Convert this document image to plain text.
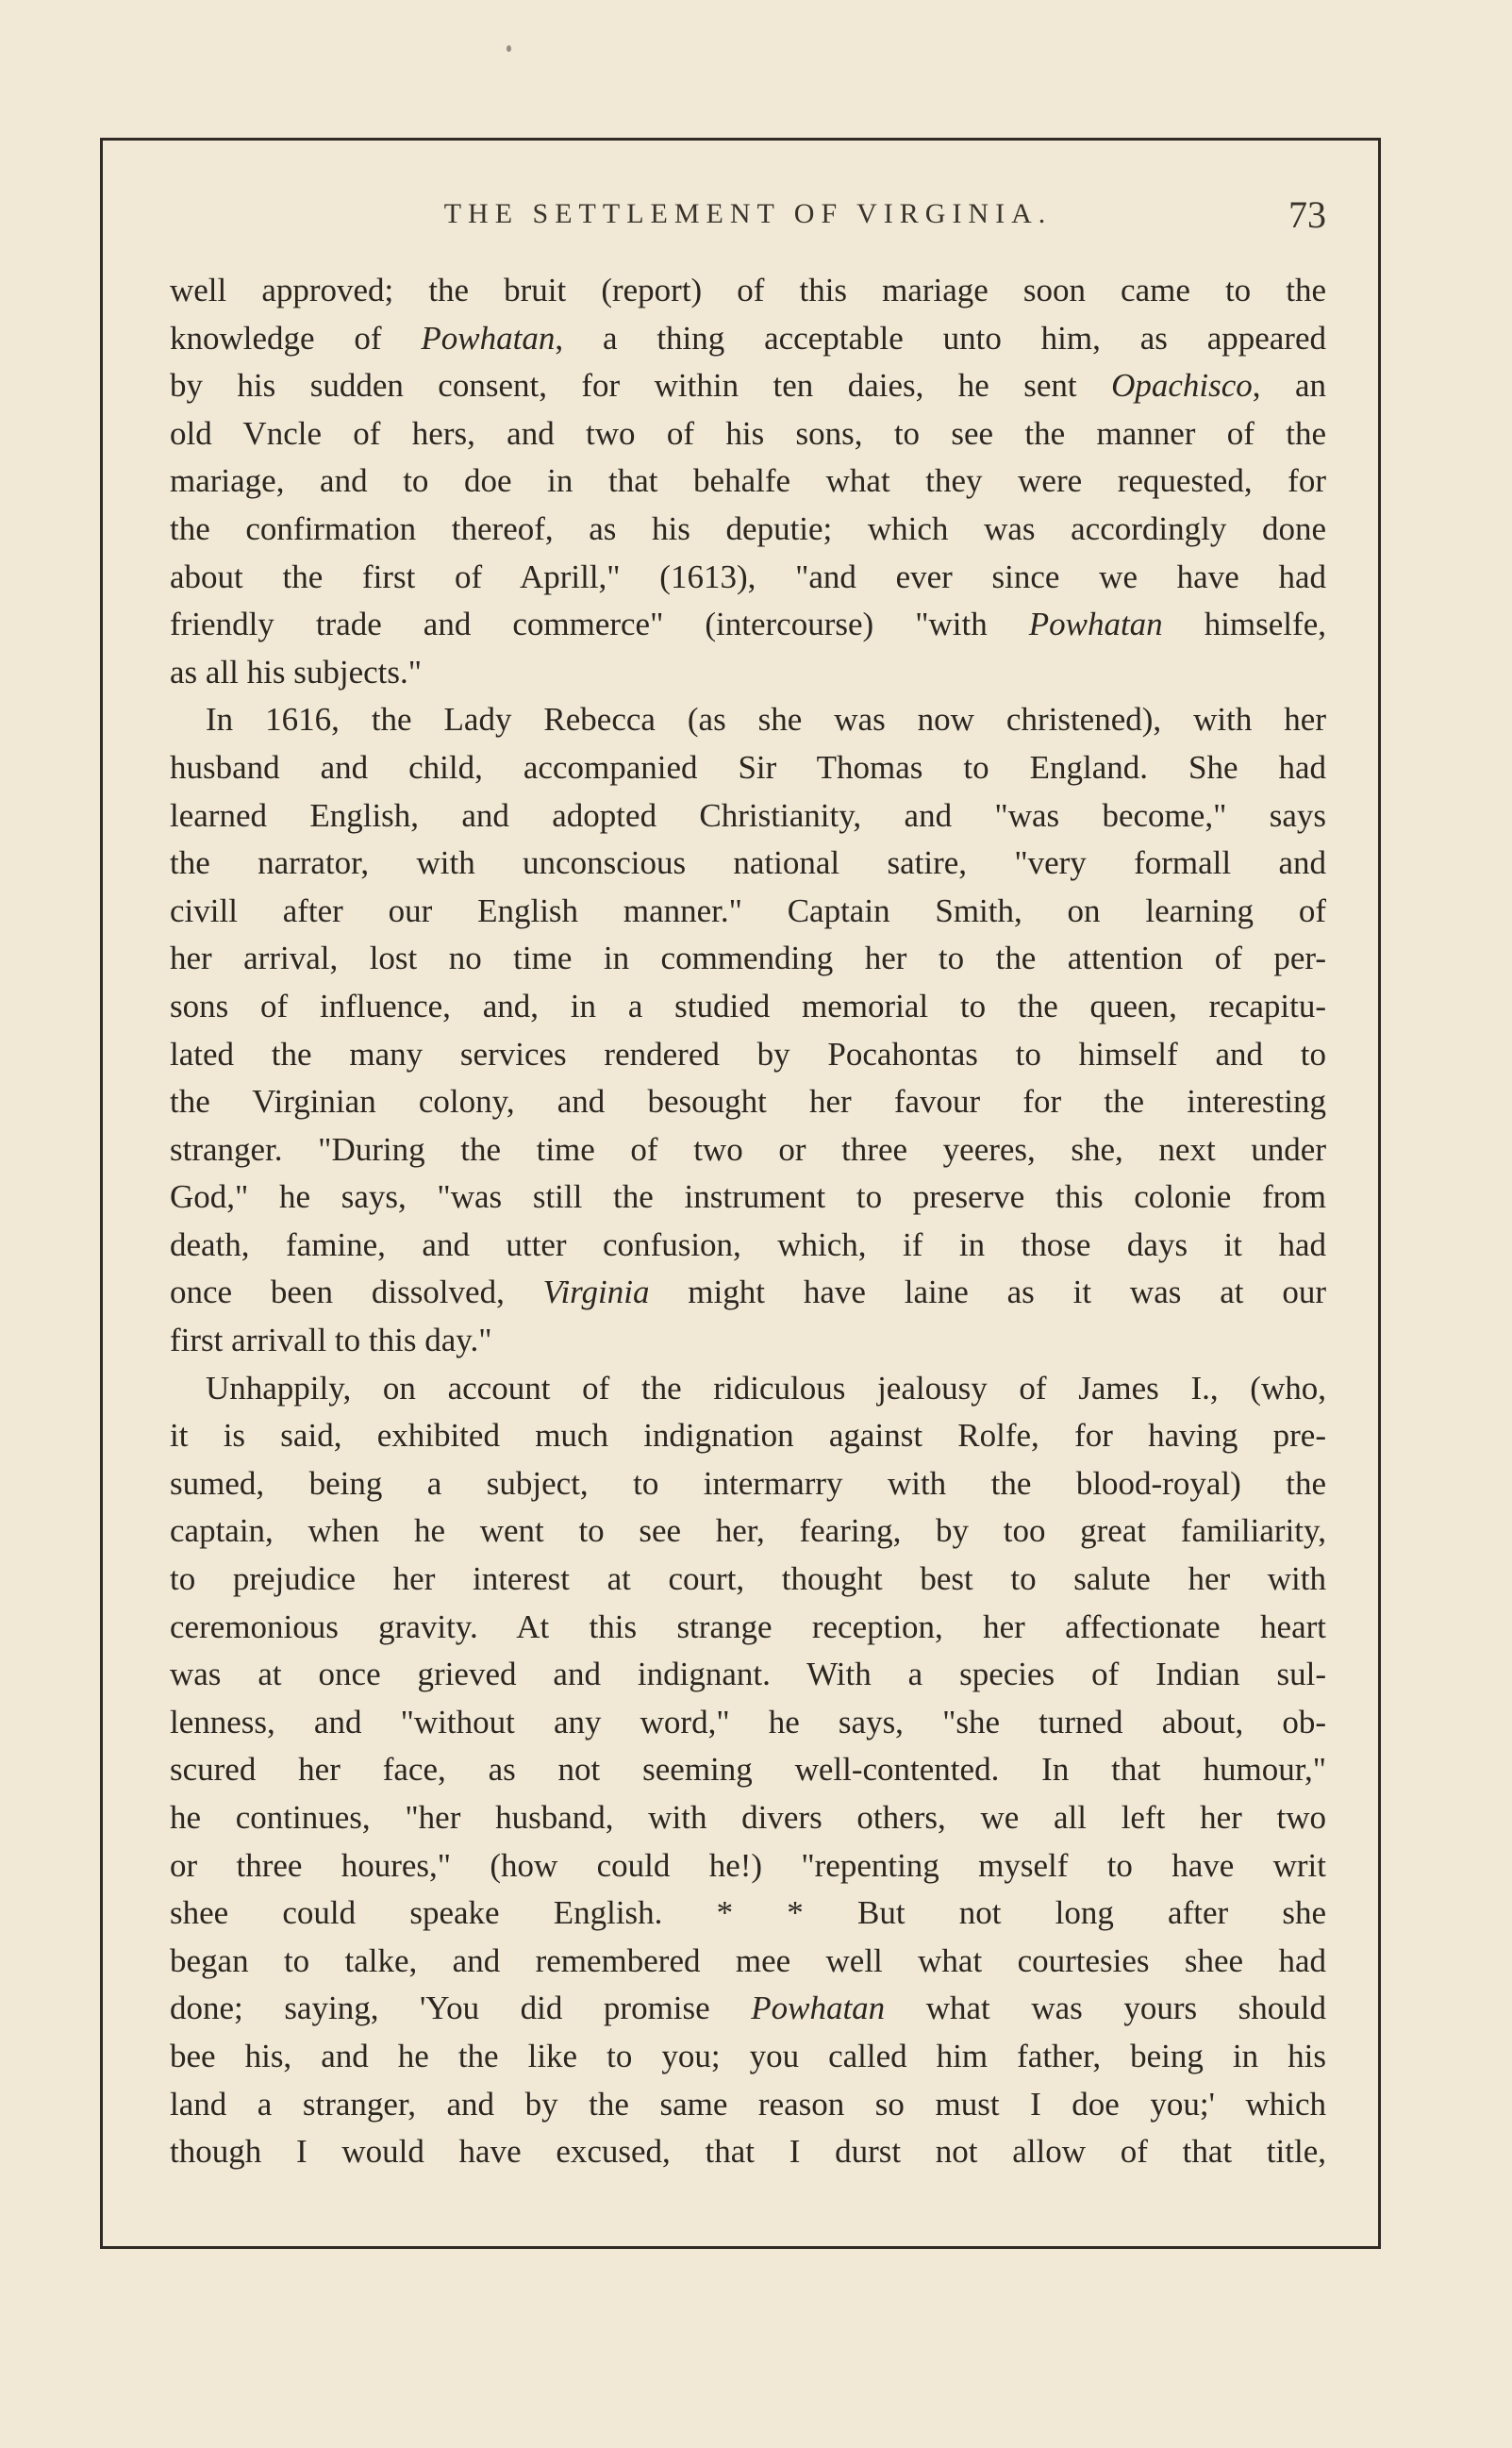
THE SETTLEMENT OF VIRGINIA.	73
well approved; the bruit (report) of this mariage soon came to the
knowledge of Powhatan, a thing acceptable unto him, as appeared
by his sudden consent, for within ten daies, he sent Opachisco, an
old Vncle of hers, and two of his sons, to see the manner of the
mariage, and to doe in that behalfe what they were requested, for
the confirmation thereof, as his deputie; which was accordingly done
about the first of Aprill," (1613), "and ever since we have had
friendly trade and commerce" (intercourse) "with Powhatan himselfe,
as all his subjects."
In 1616, the Lady Rebecca (as she was now christened), with her
husband and child, accompanied Sir Thomas to England. She had
learned English, and adopted Christianity, and "was become," says
the narrator, with unconscious national satire, "very formall and
civill after our English manner." Captain Smith, on learning of
her arrival, lost no time in commending her to the attention of per-
sons of influence, and, in a studied memorial to the queen, recapitu-
lated the many services rendered by Pocahontas to himself and to
the Virginian colony, and besought her favour for the interesting
stranger. "During the time of two or three yeeres, she, next under
God," he says, "was still the instrument to preserve this colonie from
death, famine, and utter confusion, which, if in those days it had
once been dissolved, Virginia might have laine as it was at our
first arrivall to this day."
Unhappily, on account of the ridiculous jealousy of James I., (who,
it is said, exhibited much indignation against Rolfe, for having pre-
sumed, being a subject, to intermarry with the blood-royal) the
captain, when he went to see her, fearing, by too great familiarity,
to prejudice her interest at court, thought best to salute her with
ceremonious gravity. At this strange reception, her affectionate heart
was at once grieved and indignant. With a species of Indian sul-
lenness, and "without any word," he says, "she turned about, ob-
scured her face, as not seeming well-contented. In that humour,"
he continues, "her husband, with divers others, we all left her two
or three houres," (how could he!) "repenting myself to have writ
shee could speake English. * * But not long after she
began to talke, and remembered mee well what courtesies shee had
done; saying, 'You did promise Powhatan what was yours should
bee his, and he the like to you; you called him father, being in his
land a stranger, and by the same reason so must I doe you;' which
though I would have excused, that I durst not allow of that title,
